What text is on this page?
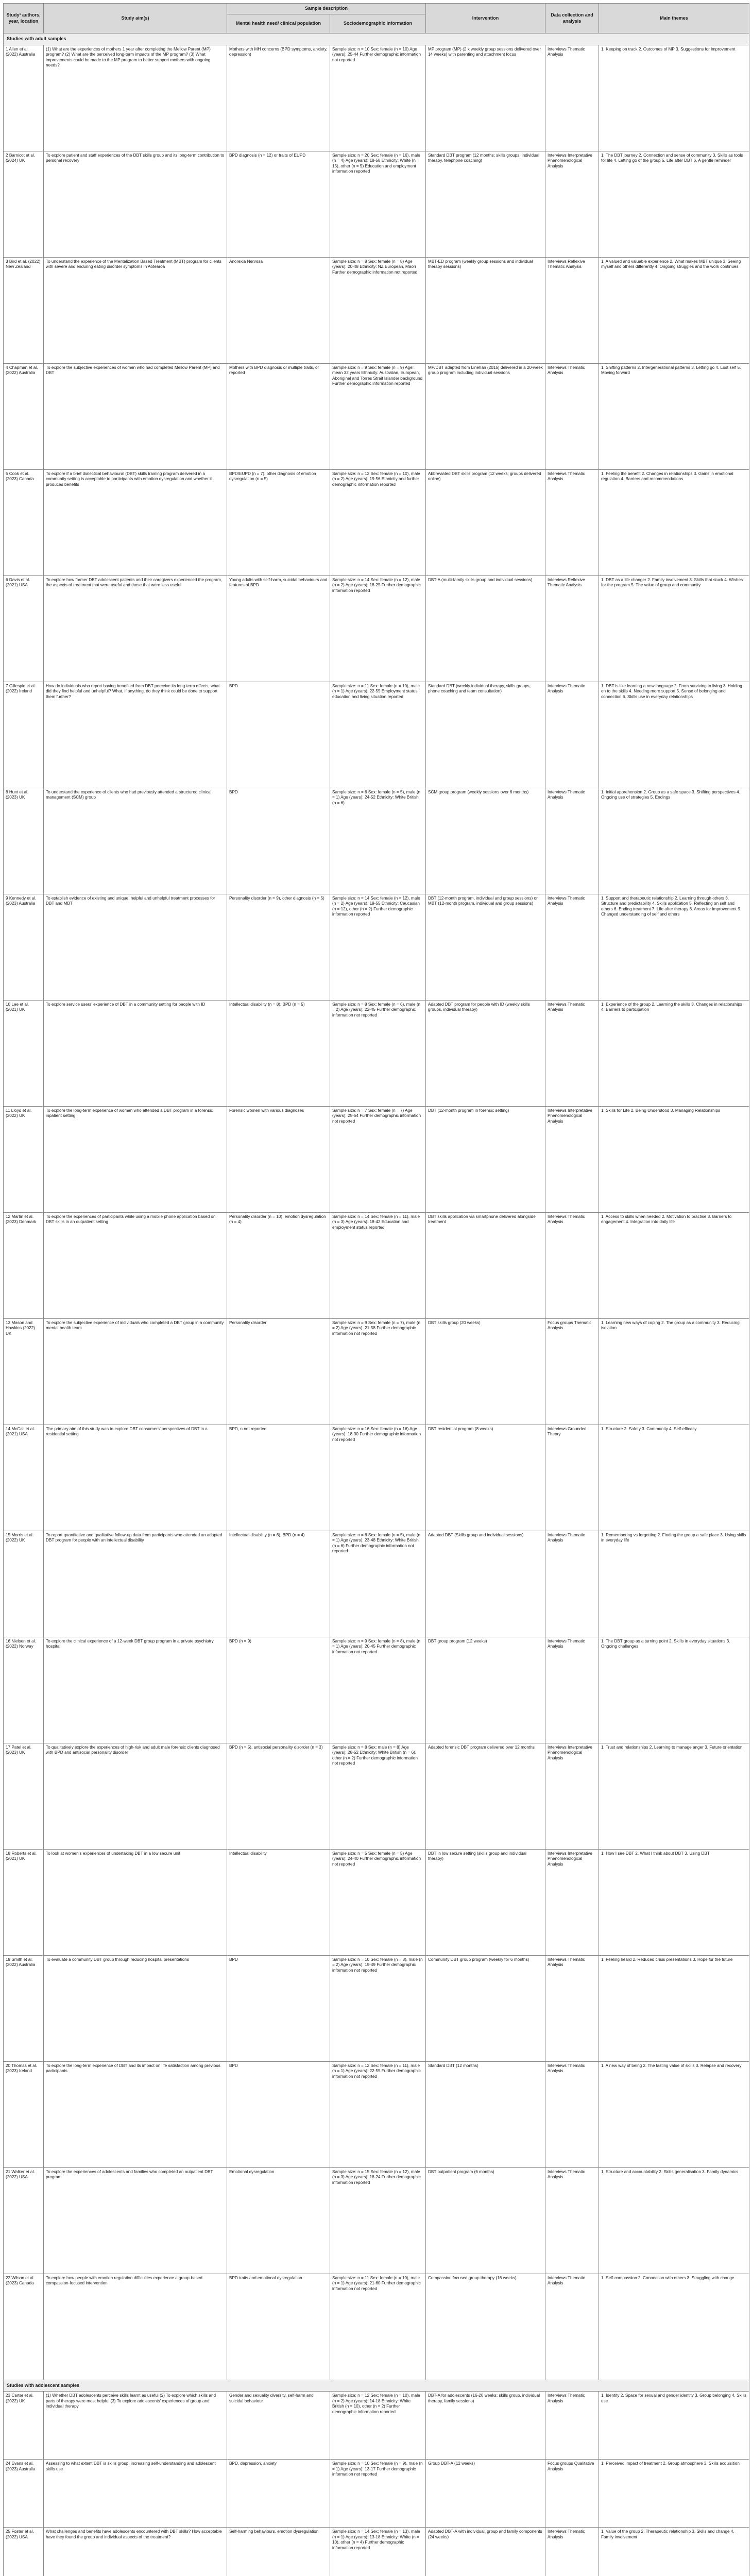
Study¹ authors, year, location	Study aim(s)	Sample description		Intervention	Data collection and analysis	Main themes
		Mental health need/ clinical population	Sociodemographic information			
Studies with adult samples						
1 Allen et al. (2022) Australia	(1) What are the experiences of mothers 1 year after completing the Mellow Parent (MP) program? (2) What are the perceived long-term impacts of the MP program? (3) What improvements could be made to the MP program to better support mothers with ongoing needs?	Mothers with MH concerns (BPD symptoms, anxiety, depression)	Sample size: n = 10 Sex: female (n = 10) Age (years): 25-44 Further demographic information not reported	MP program (MP) (2 x weekly group sessions delivered over 14 weeks) with parenting and attachment focus	Interviews Thematic Analysis	1. Keeping on track 2. Outcomes of MP 3. Suggestions for improvement
2 Barnicot et al. (2024) UK	To explore patient and staff experiences of the DBT skills group and its long-term contribution to personal recovery	BPD diagnosis (n = 12) or traits of EUPD	Sample size: n = 20 Sex: female (n = 16), male (n = 4) Age (years): 18-58 Ethnicity: White (n = 15), other (n = 5) Education and employment information reported	Standard DBT program (12 months; skills groups, individual therapy, telephone coaching)	Interviews Interpretative Phenomenological Analysis	1. The DBT journey 2. Connection and sense of community 3. Skills as tools for life 4. Letting go of the group 5. Life after DBT 6. A gentle reminder
3 Bird et al. (2022) New Zealand	To understand the experience of the Mentalization Based Treatment (MBT) program for clients with severe and enduring eating disorder symptoms in Aotearoa	Anorexia Nervosa	Sample size: n = 8 Sex: female (n = 8) Age (years): 20-48 Ethnicity: NZ European, Māori Further demographic information not reported	MBT-ED program (weekly group sessions and individual therapy sessions)	Interviews Reflexive Thematic Analysis	1. A valued and valuable experience 2. What makes MBT unique 3. Seeing myself and others differently 4. Ongoing struggles and the work continues
4 Chapman et al. (2022) Australia	To explore the subjective experiences of women who had completed Mellow Parent (MP) and DBT	Mothers with BPD diagnosis or multiple traits, or reported	Sample size: n = 9 Sex: female (n = 9) Age: mean 32 years Ethnicity: Australian, European, Aboriginal and Torres Strait Islander background Further demographic information reported	MP/DBT adapted from Linehan (2015) delivered in a 20-week group program including individual sessions	Interviews Thematic Analysis	1. Shifting patterns 2. Intergenerational patterns 3. Letting go 4. Lost self 5. Moving forward
5 Cook et al. (2023) Canada	To explore if a brief dialectical behavioural (DBT) skills training program delivered in a community setting is acceptable to participants with emotion dysregulation and whether it produces benefits	BPD/EUPD (n = 7), other diagnosis of emotion dysregulation (n = 5)	Sample size: n = 12 Sex: female (n = 10), male (n = 2) Age (years): 19-56 Ethnicity and further demographic information reported	Abbreviated DBT skills program (12 weeks; groups delivered online)	Interviews Thematic Analysis	1. Feeling the benefit 2. Changes in relationships 3. Gains in emotional regulation 4. Barriers and recommendations
6 Davis et al. (2021) USA	To explore how former DBT adolescent patients and their caregivers experienced the program, the aspects of treatment that were useful and those that were less useful	Young adults with self-harm, suicidal behaviours and features of BPD	Sample size: n = 14 Sex: female (n = 12), male (n = 2) Age (years): 18-25 Further demographic information reported	DBT-A (multi-family skills group and individual sessions)	Interviews Reflexive Thematic Analysis	1. DBT as a life changer 2. Family involvement 3. Skills that stuck 4. Wishes for the program 5. The value of group and community
7 Gillespie et al. (2022) Ireland	How do individuals who report having benefited from DBT perceive its long-term effects; what did they find helpful and unhelpful? What, if anything, do they think could be done to support them further?	BPD	Sample size: n = 11 Sex: female (n = 10), male (n = 1) Age (years): 22-55 Employment status, education and living situation reported	Standard DBT (weekly individual therapy, skills groups, phone coaching and team consultation)	Interviews Thematic Analysis	1. DBT is like learning a new language 2. From surviving to living 3. Holding on to the skills 4. Needing more support 5. Sense of belonging and connection 6. Skills use in everyday relationships
8 Hunt et al. (2023) UK	To understand the experience of clients who had previously attended a structured clinical management (SCM) group	BPD	Sample size: n = 6 Sex: female (n = 5), male (n = 1) Age (years): 24-52 Ethnicity: White British (n = 6)	SCM group program (weekly sessions over 6 months)	Interviews Thematic Analysis	1. Initial apprehension 2. Group as a safe space 3. Shifting perspectives 4. Ongoing use of strategies 5. Endings
9 Kennedy et al. (2023) Australia	To establish evidence of existing and unique, helpful and unhelpful treatment processes for DBT and MBT	Personality disorder (n = 9), other diagnosis (n = 5)	Sample size: n = 14 Sex: female (n = 12), male (n = 2) Age (years): 19-55 Ethnicity: Caucasian (n = 12), other (n = 2) Further demographic information reported	DBT (12-month program, individual and group sessions) or MBT (12-month program, individual and group sessions)	Interviews Thematic Analysis	1. Support and therapeutic relationship 2. Learning through others 3. Structure and predictability 4. Skills application 5. Reflecting on self and others 6. Ending treatment 7. Life after therapy 8. Areas for improvement 9. Changed understanding of self and others
10 Lee et al. (2021) UK	To explore service users’ experience of DBT in a community setting for people with ID	Intellectual disability (n = 8), BPD (n = 5)	Sample size: n = 8 Sex: female (n = 6), male (n = 2) Age (years): 22-45 Further demographic information not reported	Adapted DBT program for people with ID (weekly skills groups, individual therapy)	Interviews Thematic Analysis	1. Experience of the group 2. Learning the skills 3. Changes in relationships 4. Barriers to participation
11 Lloyd et al. (2022) UK	To explore the long-term experience of women who attended a DBT program in a forensic inpatient setting	Forensic women with various diagnoses	Sample size: n = 7 Sex: female (n = 7) Age (years): 25-54 Further demographic information not reported	DBT (12-month program in forensic setting)	Interviews Interpretative Phenomenological Analysis	1. Skills for Life 2. Being Understood 3. Managing Relationships
12 Martin et al. (2023) Denmark	To explore the experiences of participants while using a mobile phone application based on DBT skills in an outpatient setting	Personality disorder (n = 10), emotion dysregulation (n = 4)	Sample size: n = 14 Sex: female (n = 11), male (n = 3) Age (years): 18-42 Education and employment status reported	DBT skills application via smartphone delivered alongside treatment	Interviews Thematic Analysis	1. Access to skills when needed 2. Motivation to practise 3. Barriers to engagement 4. Integration into daily life
13 Mason and Hawkins (2022) UK	To explore the subjective experience of individuals who completed a DBT group in a community mental health team	Personality disorder	Sample size: n = 9 Sex: female (n = 7), male (n = 2) Age (years): 21-58 Further demographic information not reported	DBT skills group (20 weeks)	Focus groups Thematic Analysis	1. Learning new ways of coping 2. The group as a community 3. Reducing isolation
14 McCall et al. (2021) USA	The primary aim of this study was to explore DBT consumers’ perspectives of DBT in a residential setting	BPD, n not reported	Sample size: n = 16 Sex: female (n = 16) Age (years): 18-30 Further demographic information not reported	DBT residential program (8 weeks)	Interviews Grounded Theory	1. Structure 2. Safety 3. Community 4. Self-efficacy
15 Morris et al. (2022) UK	To report quantitative and qualitative follow-up data from participants who attended an adapted DBT program for people with an intellectual disability	Intellectual disability (n = 6), BPD (n = 4)	Sample size: n = 6 Sex: female (n = 5), male (n = 1) Age (years): 23-48 Ethnicity: White British (n = 6) Further demographic information not reported	Adapted DBT (Skills group and individual sessions)	Interviews Thematic Analysis	1. Remembering vs forgetting 2. Finding the group a safe place 3. Using skills in everyday life
16 Nielsen et al. (2022) Norway	To explore the clinical experience of a 12-week DBT group program in a private psychiatry hospital	BPD (n = 9)	Sample size: n = 9 Sex: female (n = 8), male (n = 1) Age (years): 20-45 Further demographic information not reported	DBT group program (12 weeks)	Interviews Thematic Analysis	1. The DBT group as a turning point 2. Skills in everyday situations 3. Ongoing challenges
17 Patel et al. (2023) UK	To qualitatively explore the experiences of high-risk and adult male forensic clients diagnosed with BPD and antisocial personality disorder	BPD (n = 5), antisocial personality disorder (n = 3)	Sample size: n = 8 Sex: male (n = 8) Age (years): 28-52 Ethnicity: White British (n = 6), other (n = 2) Further demographic information not reported	Adapted forensic DBT program delivered over 12 months	Interviews Interpretative Phenomenological Analysis	1. Trust and relationships 2. Learning to manage anger 3. Future orientation
18 Roberts et al. (2021) UK	To look at women’s experiences of undertaking DBT in a low secure unit	Intellectual disability	Sample size: n = 5 Sex: female (n = 5) Age (years): 24-40 Further demographic information not reported	DBT in low secure setting (skills group and individual therapy)	Interviews Interpretative Phenomenological Analysis	1. How I see DBT 2. What I think about DBT 3. Using DBT
19 Smith et al. (2022) Australia	To evaluate a community DBT group through reducing hospital presentations	BPD	Sample size: n = 10 Sex: female (n = 8), male (n = 2) Age (years): 19-49 Further demographic information not reported	Community DBT group program (weekly for 6 months)	Interviews Thematic Analysis	1. Feeling heard 2. Reduced crisis presentations 3. Hope for the future
20 Thomas et al. (2023) Ireland	To explore the long-term experience of DBT and its impact on life satisfaction among previous participants	BPD	Sample size: n = 12 Sex: female (n = 11), male (n = 1) Age (years): 22-55 Further demographic information not reported	Standard DBT (12 months)	Interviews Thematic Analysis	1. A new way of being 2. The lasting value of skills 3. Relapse and recovery
21 Walker et al. (2022) USA	To explore the experiences of adolescents and families who completed an outpatient DBT program	Emotional dysregulation	Sample size: n = 15 Sex: female (n = 12), male (n = 3) Age (years): 18-24 Further demographic information reported	DBT outpatient program (6 months)	Interviews Thematic Analysis	1. Structure and accountability 2. Skills generalisation 3. Family dynamics
22 Wilson et al. (2023) Canada	To explore how people with emotion regulation difficulties experience a group-based compassion-focused intervention	BPD traits and emotional dysregulation	Sample size: n = 11 Sex: female (n = 10), male (n = 1) Age (years): 21-60 Further demographic information not reported	Compassion focused group therapy (16 weeks)	Interviews Thematic Analysis	1. Self-compassion 2. Connection with others 3. Struggling with change
Studies with adolescent samples						
23 Carter et al. (2022) UK	(1) Whether DBT adolescents perceive skills learnt as useful (2) To explore which skills and parts of therapy were most helpful (3) To explore adolescents’ experiences of group and individual therapy	Gender and sexuality diversity, self-harm and suicidal behaviour	Sample size: n = 12 Sex: female (n = 10), male (n = 2) Age (years): 14-18 Ethnicity: White British (n = 10), other (n = 2) Further demographic information reported	DBT-A for adolescents (16-20 weeks; skills group, individual therapy, family sessions)	Interviews Thematic Analysis	1. Identity 2. Space for sexual and gender identity 3. Group belonging 4. Skills use
24 Evans et al. (2023) Australia	Assessing to what extent DBT is skills group, increasing self-understanding and adolescent skills use	BPD, depression, anxiety	Sample size: n = 10 Sex: female (n = 9), male (n = 1) Age (years): 13-17 Further demographic information not reported	Group DBT-A (12 weeks)	Focus groups Qualitative Analysis	1. Perceived impact of treatment 2. Group atmosphere 3. Skills acquisition
25 Foster et al. (2022) USA	What challenges and benefits have adolescents encountered with DBT skills? How acceptable have they found the group and individual aspects of the treatment?	Self-harming behaviours, emotion dysregulation	Sample size: n = 14 Sex: female (n = 13), male (n = 1) Age (years): 13-18 Ethnicity: White (n = 10), other (n = 4) Further demographic information reported	Adapted DBT-A with individual, group and family components (24 weeks)	Interviews Thematic Analysis	1. Value of the group 2. Therapeutic relationship 3. Skills and change 4. Family involvement
